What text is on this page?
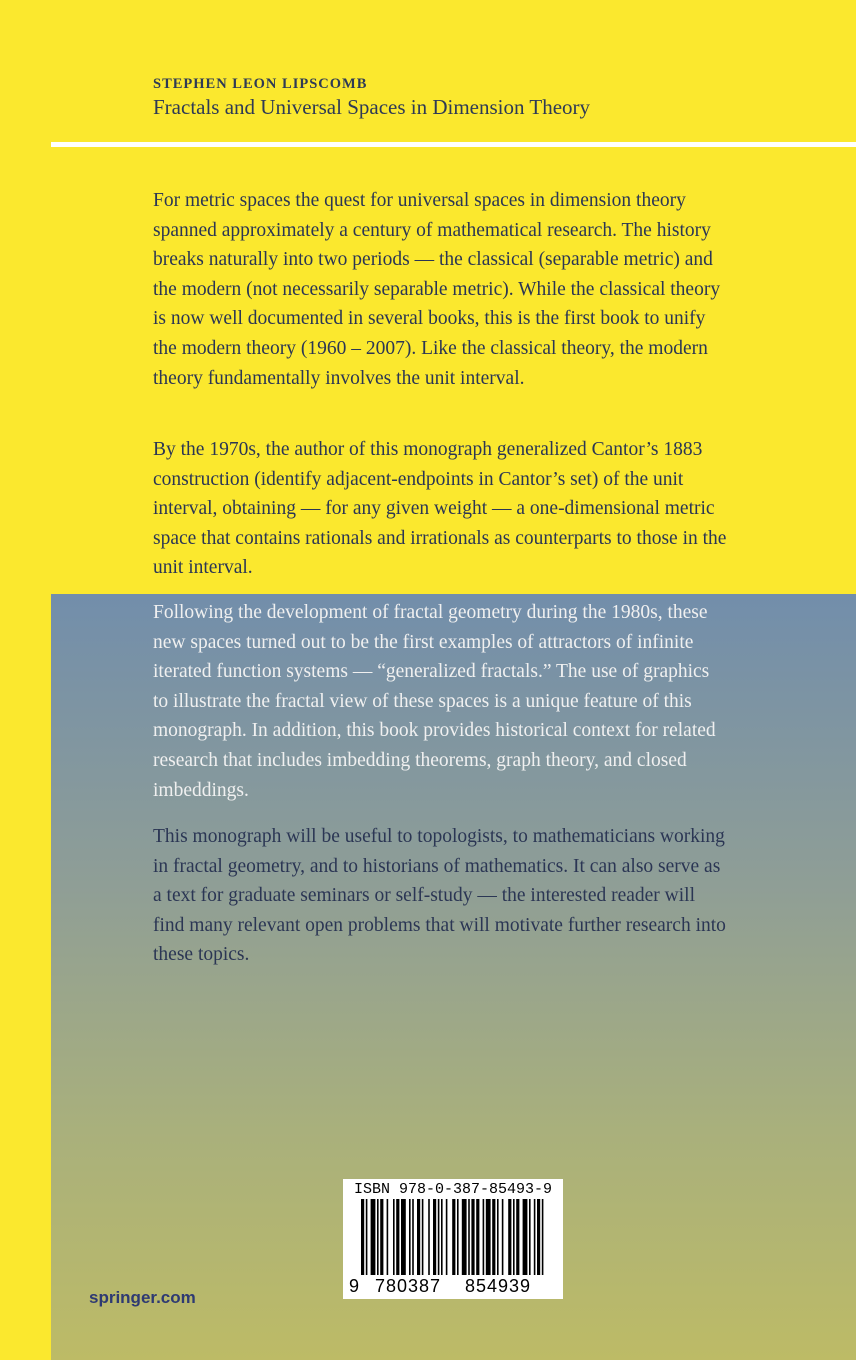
STEPHEN LEON LIPSCOMB
Fractals and Universal Spaces in Dimension Theory

For metric spaces the quest for universal spaces in dimension theory spanned approximately a century of mathematical research. The history breaks naturally into two periods — the classical (separable metric) and the modern (not necessarily separable metric). While the classical theory is now well documented in several books, this is the first book to unify the modern theory (1960 – 2007). Like the classical theory, the modern theory fundamentally involves the unit interval.

By the 1970s, the author of this monograph generalized Cantor’s 1883 construction (identify adjacent-endpoints in Cantor’s set) of the unit interval, obtaining — for any given weight — a one-dimensional metric space that contains rationals and irrationals as counterparts to those in the unit interval.

Following the development of fractal geometry during the 1980s, these new spaces turned out to be the first examples of attractors of infinite iterated function systems — “generalized fractals.” The use of graphics to illustrate the fractal view of these spaces is a unique feature of this monograph. In addition, this book provides historical context for related research that includes imbedding theorems, graph theory, and closed imbeddings.

This monograph will be useful to topologists, to mathematicians working in fractal geometry, and to historians of mathematics. It can also serve as a text for graduate seminars or self-study — the interested reader will find many relevant open problems that will motivate further research into these topics.

springer.com
ISBN 978-0-387-85493-9
9 780387 854939
